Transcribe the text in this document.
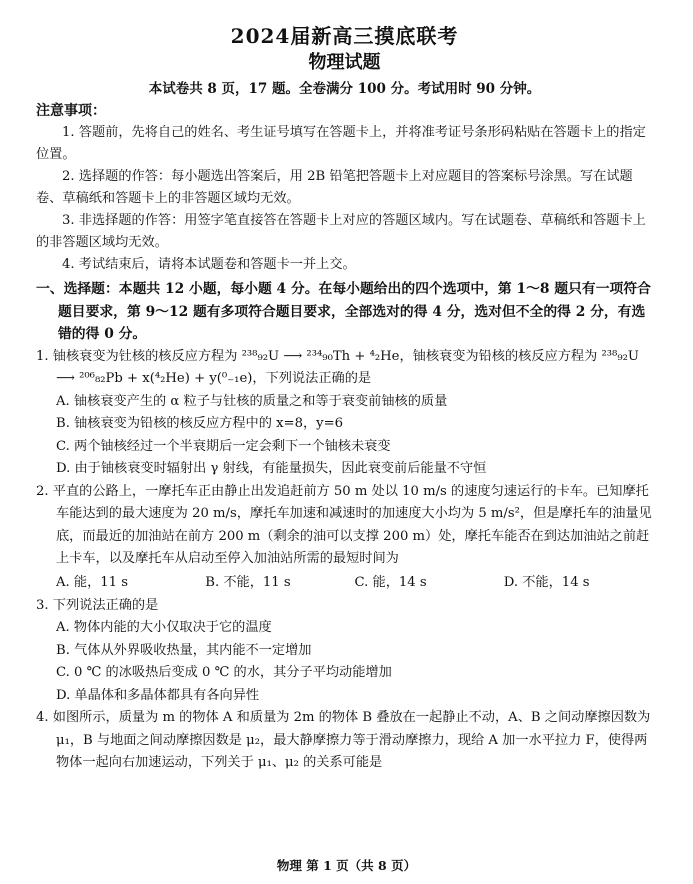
2024届新高三摸底联考
物理试题

本试卷共 8 页，17 题。全卷满分 100 分。考试用时 90 分钟。

注意事项：

1. 答题前，先将自己的姓名、考生证号填写在答题卡上，并将准考证号条形码粘贴在答题卡上的指定位置。

2. 选择题的作答：每小题选出答案后，用 2B 铅笔把答题卡上对应题目的答案标号涂黑。写在试题卷、草稿纸和答题卡上的非答题区域均无效。

3. 非选择题的作答：用签字笔直接答在答题卡上对应的答题区域内。写在试题卷、草稿纸和答题卡上的非答题区域均无效。

4. 考试结束后，请将本试题卷和答题卡一并上交。

一、选择题：本题共 12 小题，每小题 4 分。在每小题给出的四个选项中，第 1～8 题只有一项符合题目要求，第 9～12 题有多项符合题目要求，全部选对的得 4 分，选对但不全的得 2 分，有选错的得 0 分。

1. 铀核衰变为钍核的核反应方程为 ²³⁸₉₂U ⟶ ²³⁴₉₀Th + ⁴₂He，铀核衰变为铅核的核反应方程为 ²³⁸₉₂U ⟶ ²⁰⁶₈₂Pb + x(⁴₂He) + y(⁰₋₁e)，下列说法正确的是

A. 铀核衰变产生的 α 粒子与钍核的质量之和等于衰变前铀核的质量

B. 铀核衰变为铅核的核反应方程中的 x=8，y=6

C. 两个铀核经过一个半衰期后一定会剩下一个铀核未衰变

D. 由于铀核衰变时辐射出 γ 射线，有能量损失，因此衰变前后能量不守恒

2. 平直的公路上，一摩托车正由静止出发追赶前方 50 m 处以 10 m/s 的速度匀速运行的卡车。已知摩托车能达到的最大速度为 20 m/s，摩托车加速和减速时的加速度大小均为 5 m/s²，但是摩托车的油量见底，而最近的加油站在前方 200 m（剩余的油可以支撑 200 m）处，摩托车能否在到达加油站之前赶上卡车，以及摩托车从启动至停入加油站所需的最短时间为

A. 能，11 s	B. 不能，11 s	C. 能，14 s	D. 不能，14 s

3. 下列说法正确的是

A. 物体内能的大小仅取决于它的温度

B. 气体从外界吸收热量，其内能不一定增加

C. 0 ℃ 的冰吸热后变成 0 ℃ 的水，其分子平均动能增加

D. 单晶体和多晶体都具有各向异性

4. 如图所示，质量为 m 的物体 A 和质量为 2m 的物体 B 叠放在一起静止不动，A、B 之间动摩擦因数为 μ₁，B 与地面之间动摩擦因数是 μ₂，最大静摩擦力等于滑动摩擦力，现给 A 加一水平拉力 F，使得两物体一起向右加速运动，下列关于 μ₁、μ₂ 的关系可能是

物理 第 1 页（共 8 页）
